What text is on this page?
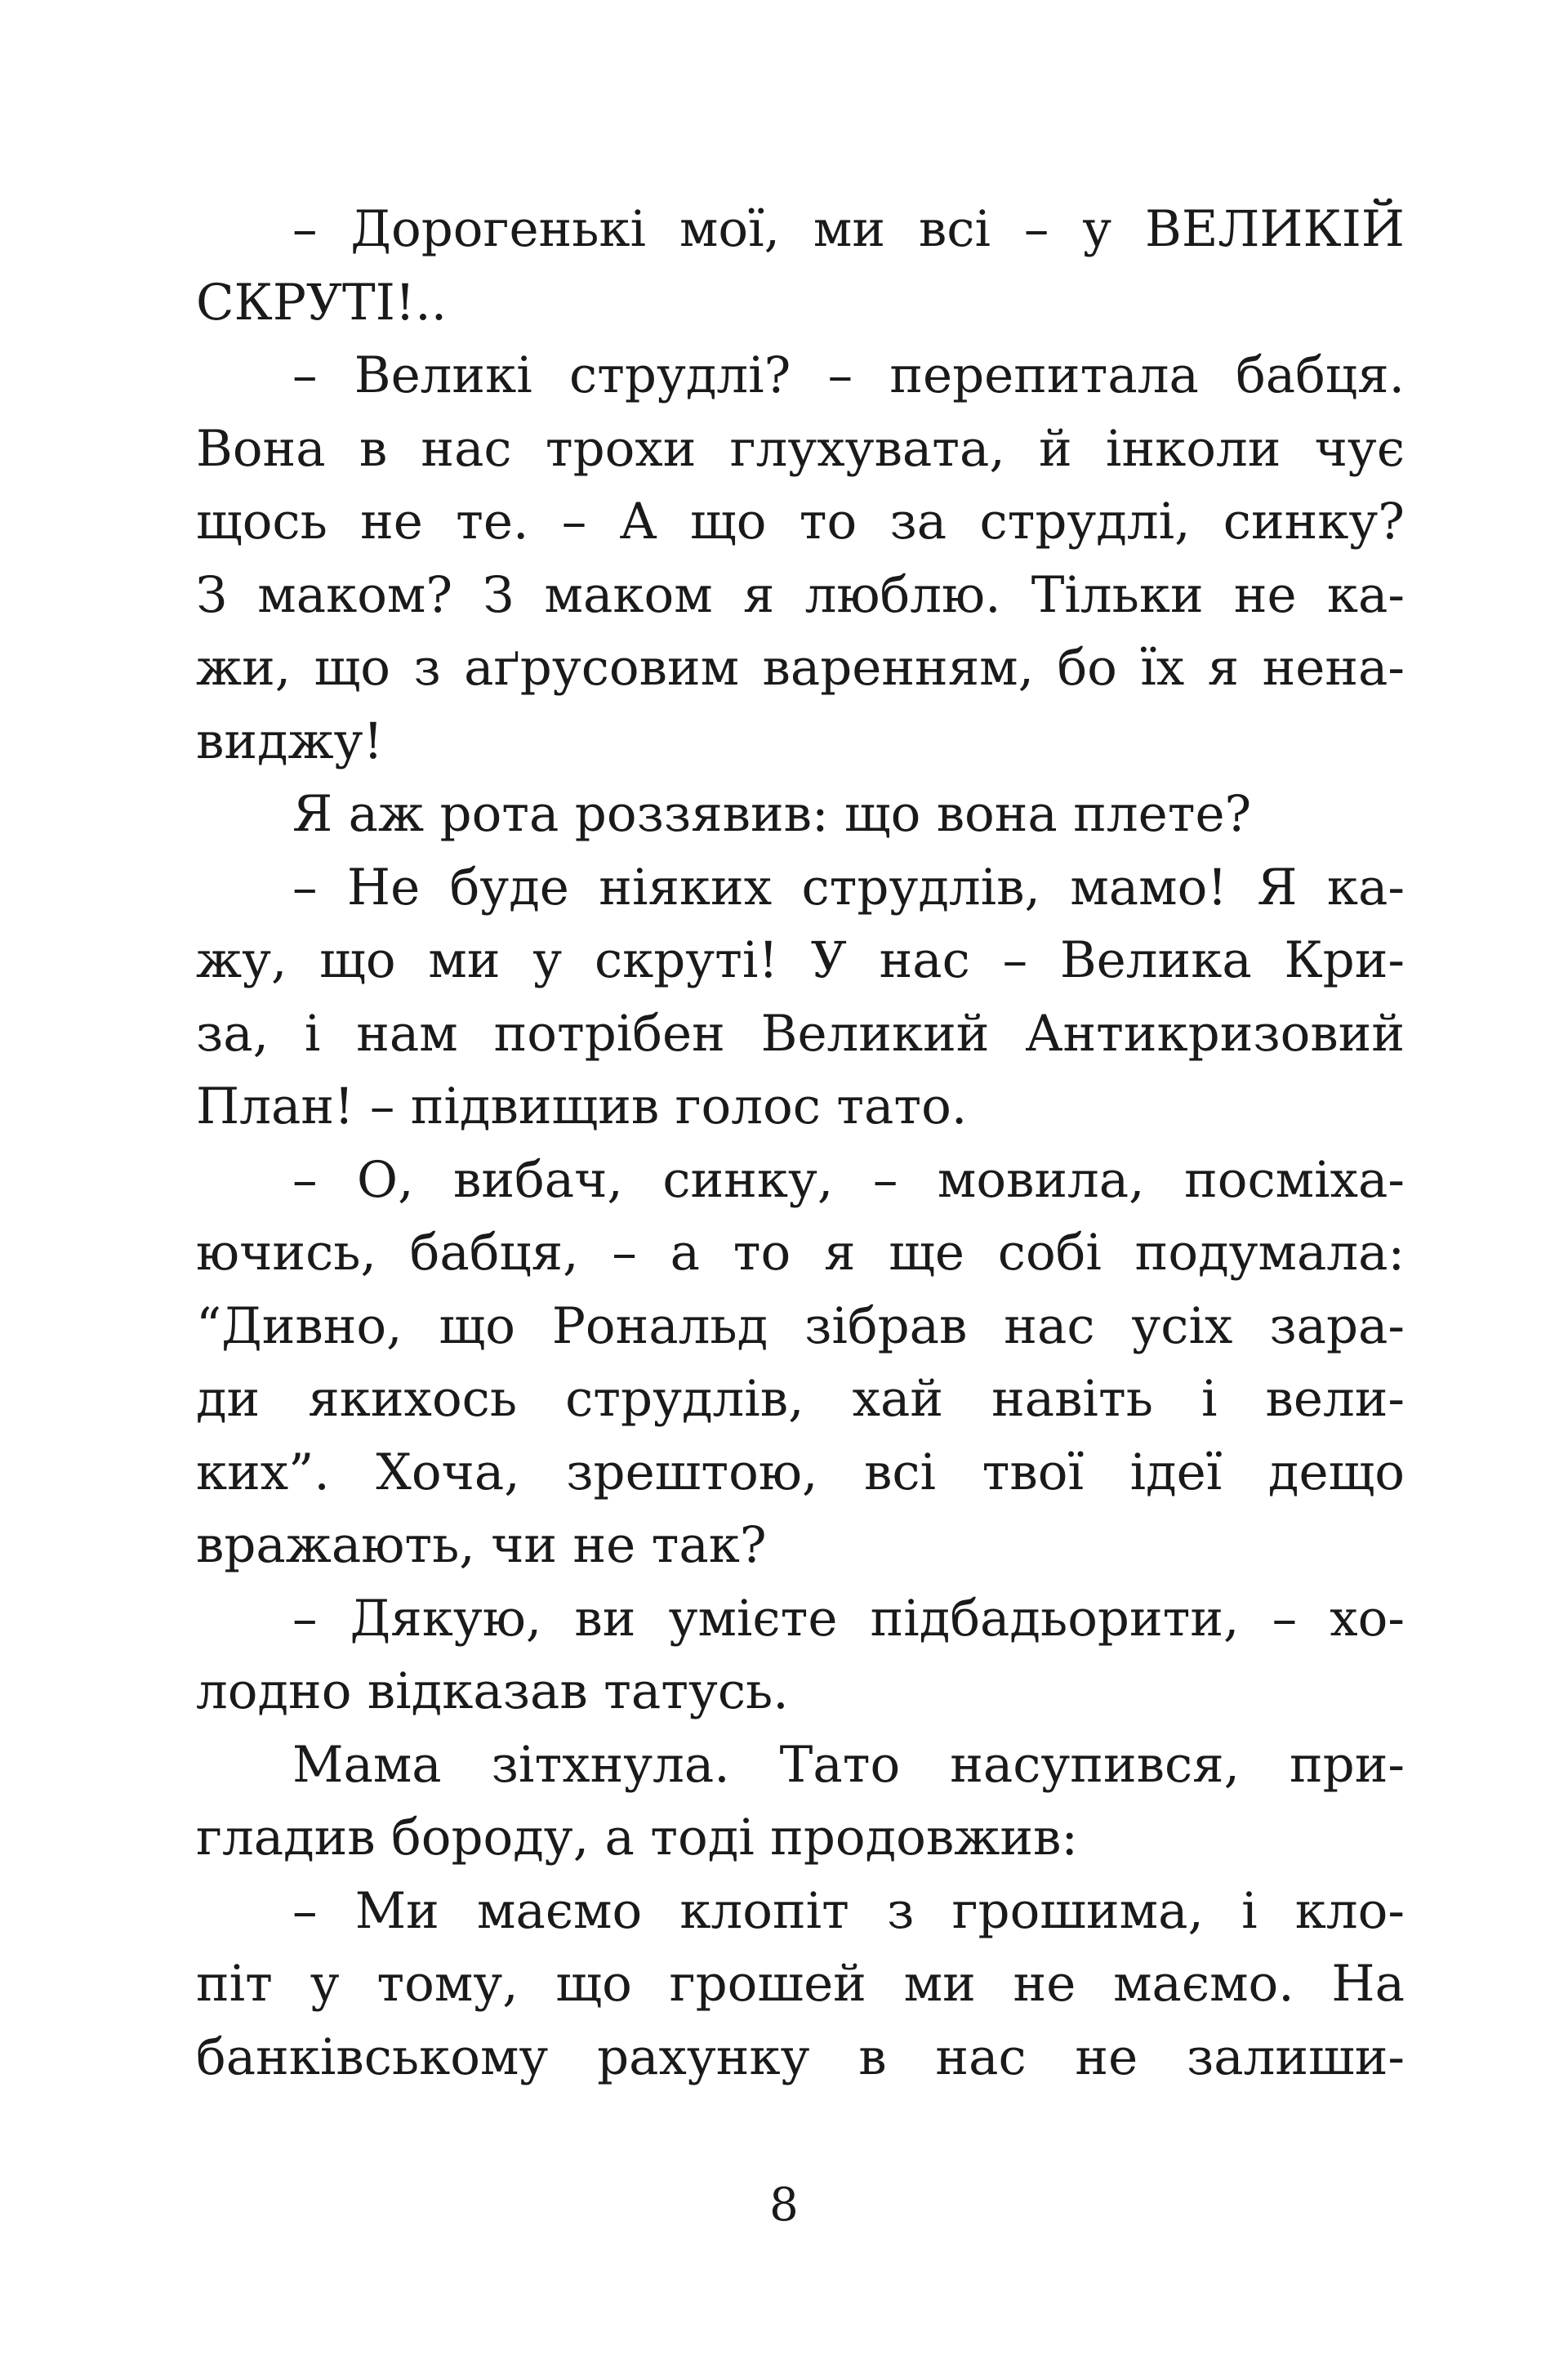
– Дорогенькі мої, ми всі – у ВЕЛИКІЙ
СКРУТІ!..
– Великі струдлі? – перепитала бабця.
Вона в нас трохи глухувата, й інколи чує
щось не те. – А що то за струдлі, синку?
З маком? З маком я люблю. Тільки не ка-
жи, що з аґрусовим варенням, бо їх я нена-
виджу!
Я аж рота роззявив: що вона плете?
– Не буде ніяких струдлів, мамо! Я ка-
жу, що ми у скруті! У нас – Велика Кри-
за, і нам потрібен Великий Антикризовий
План! – підвищив голос тато.
– О, вибач, синку, – мовила, посміха-
ючись, бабця, – а то я ще собі подумала:
“Дивно, що Рональд зібрав нас усіх зара-
ди якихось струдлів, хай навіть і вели-
ких”. Хоча, зрештою, всі твої ідеї дещо
вражають, чи не так?
– Дякую, ви умієте підбадьорити, – хо-
лодно відказав татусь.
Мама зітхнула. Тато насупився, при-
гладив бороду, а тоді продовжив:
– Ми маємо клопіт з грошима, і кло-
піт у тому, що грошей ми не маємо. На
банківському рахунку в нас не залиши-
8
